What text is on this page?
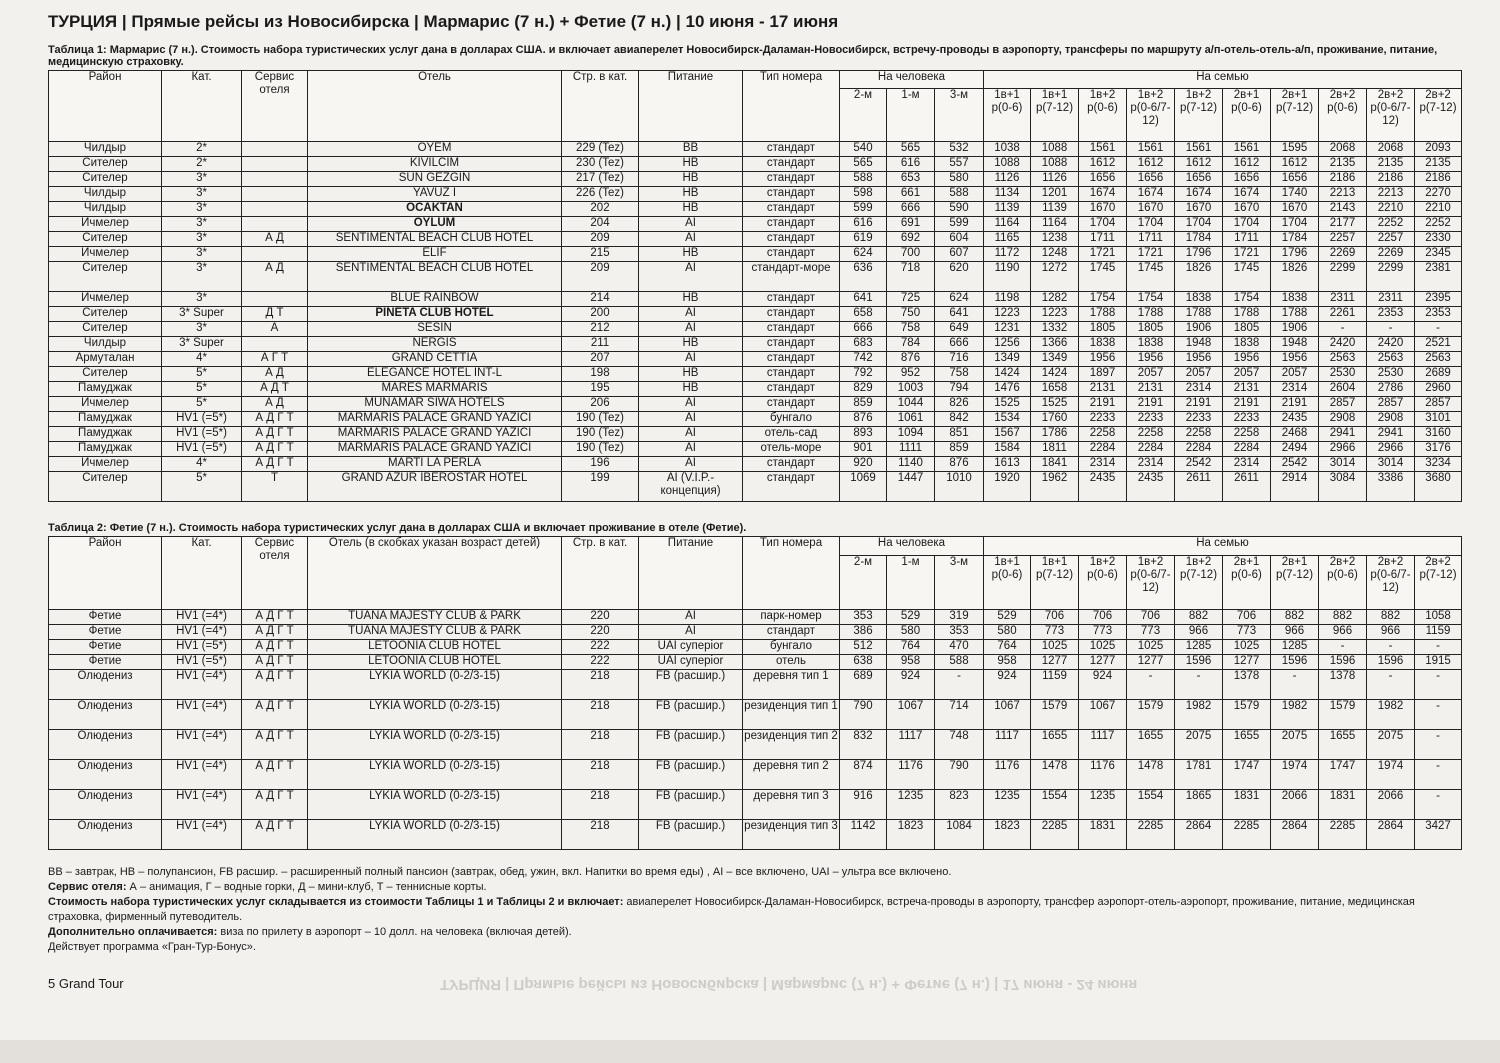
ТУРЦИЯ | Прямые рейсы из Новосибирска | Мармарис (7 н.) + Фетие (7 н.) | 10 июня - 17 июня
Таблица 1: Мармарис (7 н.). Стоимость набора туристических услуг дана в долларах США. и включает авиаперелет Новосибирск-Даламан-Новосибирск, встречу-проводы в аэропорту, трансферы по маршруту а/п-отель-отель-а/п, проживание, питание, медицинскую страховку.
Район	Кат.	Сервис отеля	Отель	Стр. в кат.	Питание	Тип номера	На человека			На семью									
							2-м	1-м	3-м	1в+1 р(0-6)	1в+1 р(7-12)	1в+2 р(0-6)	1в+2 р(0-6/7-12)	1в+2 р(7-12)	2в+1 р(0-6)	2в+1 р(7-12)	2в+2 р(0-6)	2в+2 р(0-6/7-12)	2в+2 р(7-12)
Чилдыр	2*		OYEM	229 (Tez)	BB	стандарт	540	565	532	1038	1088	1561	1561	1561	1561	1595	2068	2068	2093
Сителер	2*		KIVILCIM	230 (Tez)	HB	стандарт	565	616	557	1088	1088	1612	1612	1612	1612	1612	2135	2135	2135
Сителер	3*		SUN GEZGIN	217 (Tez)	HB	стандарт	588	653	580	1126	1126	1656	1656	1656	1656	1656	2186	2186	2186
Чилдыр	3*		YAVUZ I	226 (Tez)	HB	стандарт	598	661	588	1134	1201	1674	1674	1674	1674	1740	2213	2213	2270
Чилдыр	3*		OCAKTAN	202	HB	стандарт	599	666	590	1139	1139	1670	1670	1670	1670	1670	2143	2210	2210
Ичмелер	3*		OYLUM	204	AI	стандарт	616	691	599	1164	1164	1704	1704	1704	1704	1704	2177	2252	2252
Сителер	3*	А Д	SENTIMENTAL BEACH CLUB HOTEL	209	AI	стандарт	619	692	604	1165	1238	1711	1711	1784	1711	1784	2257	2257	2330
Ичмелер	3*		ELIF	215	HB	стандарт	624	700	607	1172	1248	1721	1721	1796	1721	1796	2269	2269	2345
Сителер	3*	А Д	SENTIMENTAL BEACH CLUB HOTEL	209	AI	стандарт-море	636	718	620	1190	1272	1745	1745	1826	1745	1826	2299	2299	2381
Ичмелер	3*		BLUE RAINBOW	214	HB	стандарт	641	725	624	1198	1282	1754	1754	1838	1754	1838	2311	2311	2395
Сителер	3* Super	Д Т	PINETA CLUB HOTEL	200	AI	стандарт	658	750	641	1223	1223	1788	1788	1788	1788	1788	2261	2353	2353
Сителер	3*	А	SESIN	212	AI	стандарт	666	758	649	1231	1332	1805	1805	1906	1805	1906	-	-	-
Чилдыр	3* Super		NERGIS	211	HB	стандарт	683	784	666	1256	1366	1838	1838	1948	1838	1948	2420	2420	2521
Армуталан	4*	А Г Т	GRAND CETTIA	207	AI	стандарт	742	876	716	1349	1349	1956	1956	1956	1956	1956	2563	2563	2563
Сителер	5*	А Д	ELEGANCE HOTEL INT-L	198	HB	стандарт	792	952	758	1424	1424	1897	2057	2057	2057	2057	2530	2530	2689
Памуджак	5*	А Д Т	MARES MARMARIS	195	HB	стандарт	829	1003	794	1476	1658	2131	2131	2314	2131	2314	2604	2786	2960
Ичмелер	5*	А Д	MUNAMAR SIWA HOTELS	206	AI	стандарт	859	1044	826	1525	1525	2191	2191	2191	2191	2191	2857	2857	2857
Памуджак	HV1 (=5*)	А Д Г Т	MARMARIS PALACE GRAND YAZICI	190 (Tez)	AI	бунгало	876	1061	842	1534	1760	2233	2233	2233	2233	2435	2908	2908	3101
Памуджак	HV1 (=5*)	А Д Г Т	MARMARIS PALACE GRAND YAZICI	190 (Tez)	AI	отель-сад	893	1094	851	1567	1786	2258	2258	2258	2258	2468	2941	2941	3160
Памуджак	HV1 (=5*)	А Д Г Т	MARMARIS PALACE GRAND YAZICI	190 (Tez)	AI	отель-море	901	1111	859	1584	1811	2284	2284	2284	2284	2494	2966	2966	3176
Ичмелер	4*	А Д Г Т	MARTI LA PERLA	196	AI	стандарт	920	1140	876	1613	1841	2314	2314	2542	2314	2542	3014	3014	3234
Сителер	5*	Т	GRAND AZUR IBEROSTAR HOTEL	199	AI (V.I.P.-концепция)	стандарт	1069	1447	1010	1920	1962	2435	2435	2611	2611	2914	3084	3386	3680
Таблица 2: Фетие (7 н.). Стоимость набора туристических услуг дана в долларах США и включает проживание в отеле (Фетие).
Район	Кат.	Сервис отеля	Отель (в скобках указан возраст детей)	Стр. в кат.	Питание	Тип номера	На человека			На семью									
							2-м	1-м	3-м	1в+1 р(0-6)	1в+1 р(7-12)	1в+2 р(0-6)	1в+2 р(0-6/7-12)	1в+2 р(7-12)	2в+1 р(0-6)	2в+1 р(7-12)	2в+2 р(0-6)	2в+2 р(0-6/7-12)	2в+2 р(7-12)
Фетие	HV1 (=4*)	А Д Г Т	TUANA MAJESTY CLUB & PARK	220	AI	парк-номер	353	529	319	529	706	706	706	882	706	882	882	882	1058
Фетие	HV1 (=4*)	А Д Г Т	TUANA MAJESTY CLUB & PARK	220	AI	стандарт	386	580	353	580	773	773	773	966	773	966	966	966	1159
Фетие	HV1 (=5*)	А Д Г Т	LETOONIA CLUB HOTEL	222	UAI суперior	бунгало	512	764	470	764	1025	1025	1025	1285	1025	1285	-	-	-
Фетие	HV1 (=5*)	А Д Г Т	LETOONIA CLUB HOTEL	222	UAI суперior	отель	638	958	588	958	1277	1277	1277	1596	1277	1596	1596	1596	1915
Олюдениз	HV1 (=4*)	А Д Г Т	LYKIA WORLD (0-2/3-15)	218	FB (расшир.)	деревня тип 1	689	924	-	924	1159	924	-	-	1378	-	1378	-	-
Олюдениз	HV1 (=4*)	А Д Г Т	LYKIA WORLD (0-2/3-15)	218	FB (расшир.)	резиденция тип 1	790	1067	714	1067	1579	1067	1579	1982	1579	1982	1579	1982	-
Олюдениз	HV1 (=4*)	А Д Г Т	LYKIA WORLD (0-2/3-15)	218	FB (расшир.)	резиденция тип 2	832	1117	748	1117	1655	1117	1655	2075	1655	2075	1655	2075	-
Олюдениз	HV1 (=4*)	А Д Г Т	LYKIA WORLD (0-2/3-15)	218	FB (расшир.)	деревня тип 2	874	1176	790	1176	1478	1176	1478	1781	1747	1974	1747	1974	-
Олюдениз	HV1 (=4*)	А Д Г Т	LYKIA WORLD (0-2/3-15)	218	FB (расшир.)	деревня тип 3	916	1235	823	1235	1554	1235	1554	1865	1831	2066	1831	2066	-
Олюдениз	HV1 (=4*)	А Д Г Т	LYKIA WORLD (0-2/3-15)	218	FB (расшир.)	резиденция тип 3	1142	1823	1084	1823	2285	1831	2285	2864	2285	2864	2285	2864	3427
BB – завтрак, HB – полупансион, FB расшир. – расширенный полный пансион (завтрак, обед, ужин, вкл. Напитки во время еды) , AI – все включено, UAI – ультра все включено.
Сервис отеля: А – анимация, Г – водные горки, Д – мини-клуб, Т – теннисные корты.
Стоимость набора туристических услуг складывается из стоимости Таблицы 1 и Таблицы 2 и включает: авиаперелет Новосибирск-Даламан-Новосибирск, встреча-проводы в аэропорту, трансфер аэропорт-отель-аэропорт, проживание, питание, медицинская страховка, фирменный путеводитель.
Дополнительно оплачивается: виза по прилету в аэропорт – 10 долл. на человека (включая детей).
Действует программа «Гран-Тур-Бонус».
ТУРЦИЯ | Прямые рейсы из Новосибирска | Мармарис (7 н.) + Фетие (7 н.) | 17 июня - 24 июня
5 Grand Tour
